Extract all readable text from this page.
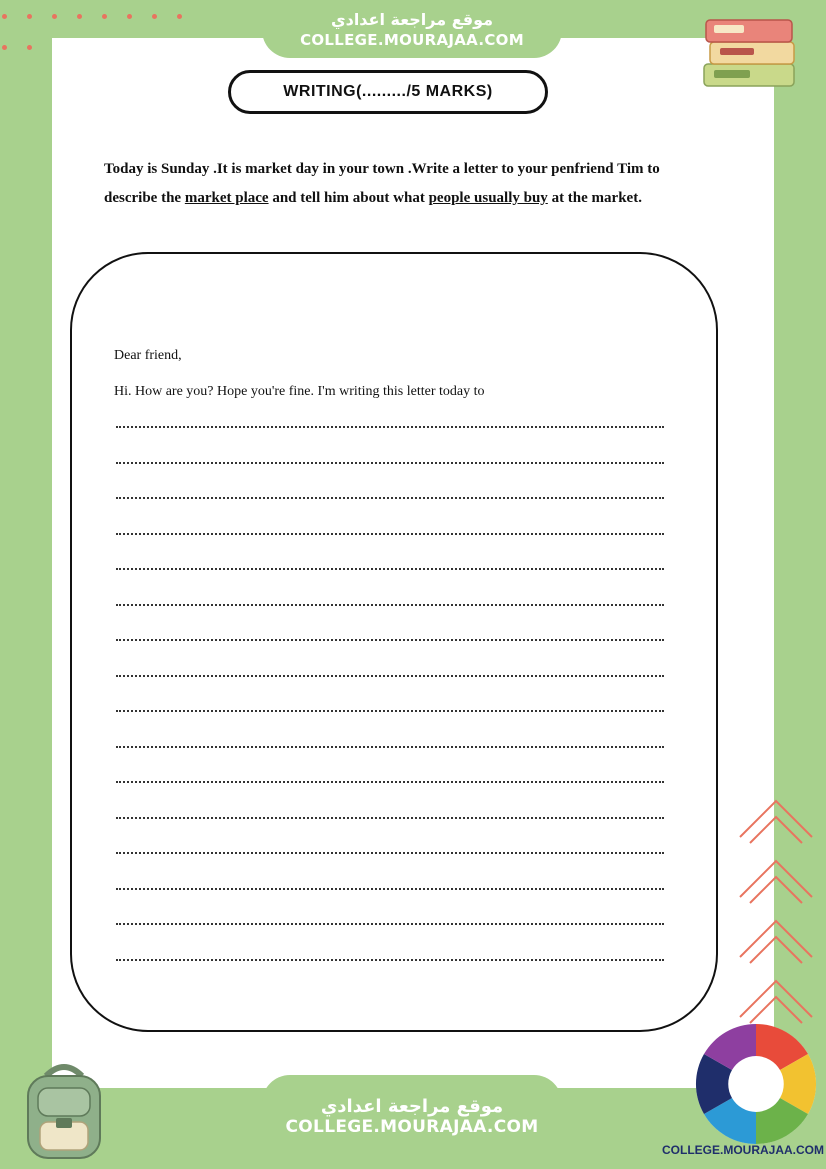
موقع مراجعة اعدادي
COLLEGE.MOURAJAA.COM
WRITING(........./5 MARKS)
Today is Sunday .It is market day in your town .Write a letter to your penfriend Tim to describe the market place and tell him about what people usually buy at the market.
Dear friend,
Hi. How are you? Hope you're fine. I'm writing this letter today to
موقع مراجعة اعدادي
COLLEGE.MOURAJAA.COM
COLLEGE.MOURAJAA.COM
